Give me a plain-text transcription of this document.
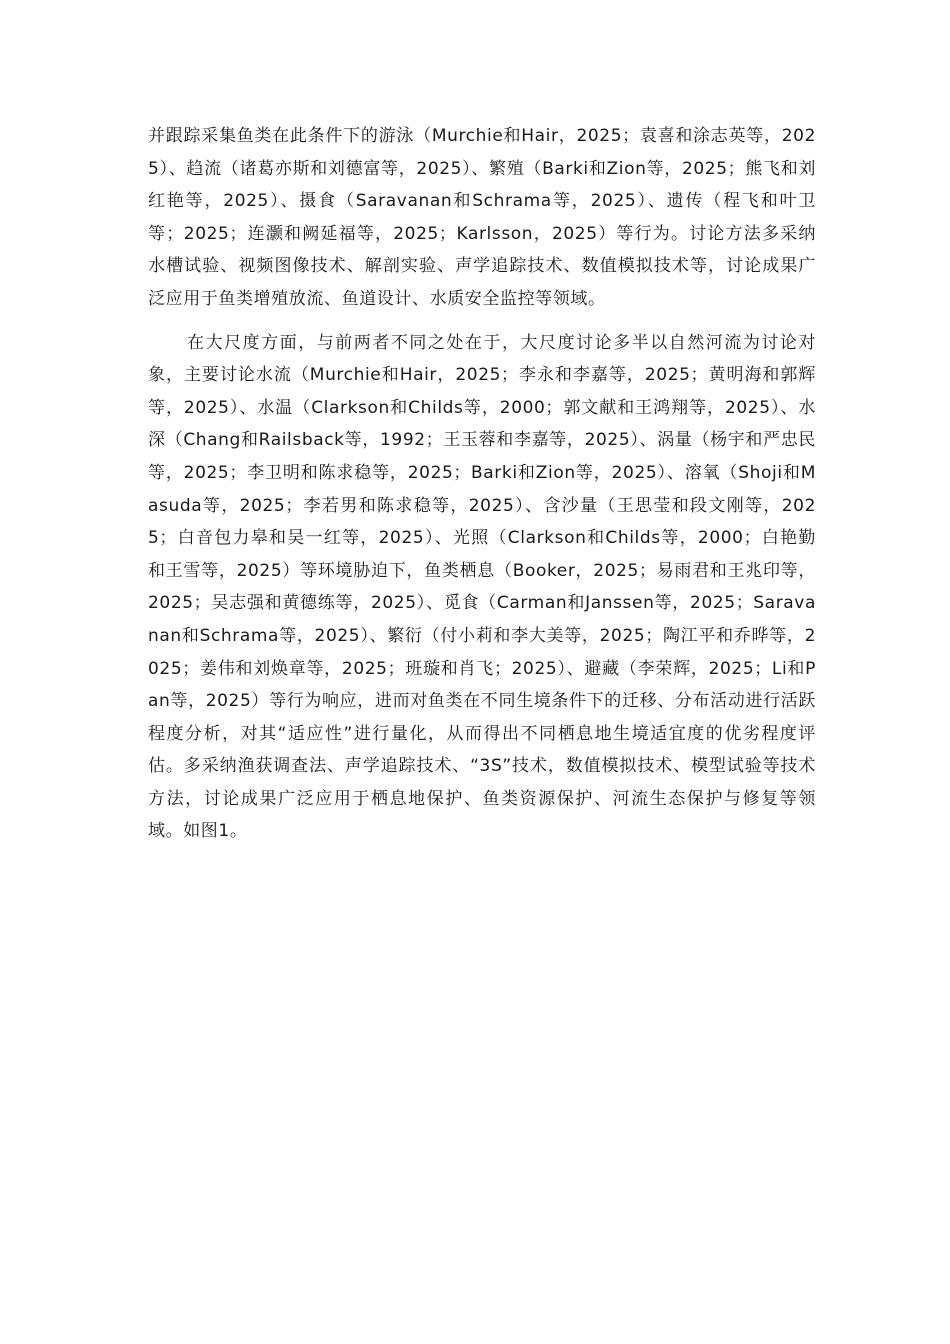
并跟踪采集鱼类在此条件下的游泳（Murchie和Hair，2025；袁喜和涂志英等，2025）、趋流（诸葛亦斯和刘德富等，2025）、繁殖（Barki和Zion等，2025；熊飞和刘红艳等，2025）、摄食（Saravanan和Schrama等，2025）、遗传（程飞和叶卫等；2025；连灏和阙延福等，2025；Karlsson，2025）等行为。讨论方法多采纳水槽试验、视频图像技术、解剖实验、声学追踪技术、数值模拟技术等，讨论成果广泛应用于鱼类增殖放流、鱼道设计、水质安全监控等领域。

在大尺度方面，与前两者不同之处在于，大尺度讨论多半以自然河流为讨论对象，主要讨论水流（Murchie和Hair，2025；李永和李嘉等，2025；黄明海和郭辉等，2025）、水温（Clarkson和Childs等，2000；郭文献和王鸿翔等，2025）、水深（Chang和Railsback等，1992；王玉蓉和李嘉等，2025）、涡量（杨宇和严忠民等，2025；李卫明和陈求稳等，2025；Barki和Zion等，2025）、溶氧（Shoji和Masuda等，2025；李若男和陈求稳等，2025）、含沙量（王思莹和段文刚等，2025；白音包力皋和吴一红等，2025）、光照（Clarkson和Childs等，2000；白艳勤和王雪等，2025）等环境胁迫下，鱼类栖息（Booker，2025；易雨君和王兆印等，2025；吴志强和黄德练等，2025）、觅食（Carman和Janssen等，2025；Saravanan和Schrama等，2025）、繁衍（付小莉和李大美等，2025；陶江平和乔晔等，2025；姜伟和刘焕章等，2025；班璇和肖飞；2025）、避藏（李荣辉，2025；Li和Pan等，2025）等行为响应，进而对鱼类在不同生境条件下的迁移、分布活动进行活跃程度分析，对其“适应性”进行量化，从而得出不同栖息地生境适宜度的优劣程度评估。多采纳渔获调查法、声学追踪技术、“3S”技术，数值模拟技术、模型试验等技术方法，讨论成果广泛应用于栖息地保护、鱼类资源保护、河流生态保护与修复等领域。如图1。
